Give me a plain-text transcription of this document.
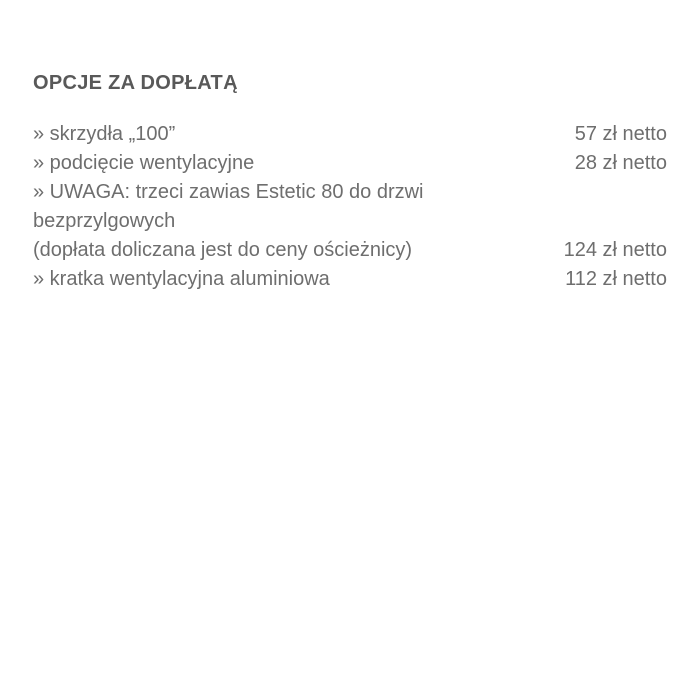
OPCJE ZA DOPŁATĄ
» skrzydła „100”	57 zł netto
» podcięcie wentylacyjne	28 zł netto
» UWAGA: trzeci zawias Estetic 80 do drzwi bezprzylgowych
(dopłata doliczana jest do ceny ościeżnicy)	124 zł netto
» kratka wentylacyjna aluminiowa	112 zł netto
